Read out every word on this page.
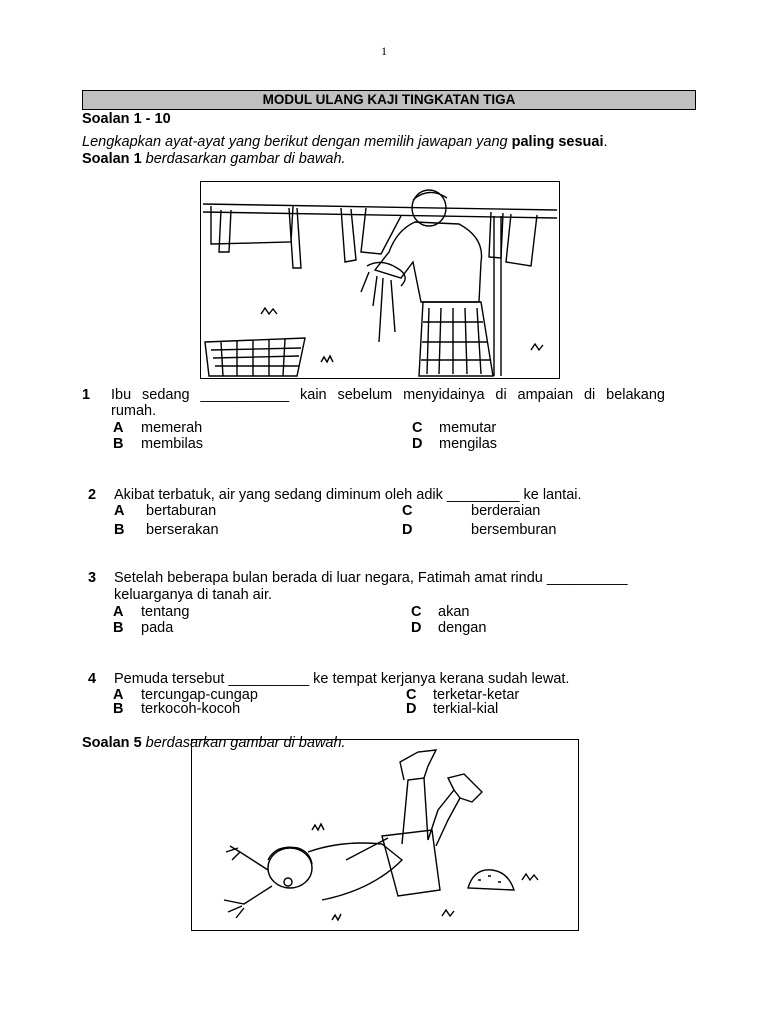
1
MODUL ULANG KAJI TINGKATAN TIGA
Soalan 1 - 10
Lengkapkan ayat-ayat yang berikut dengan memilih jawapan yang paling sesuai.
Soalan 1 berdasarkan gambar di bawah.
1 Ibu sedang ___________ kain sebelum menyidainya di ampaian di belakang
rumah.
A memerah
B membilas
C memutar
D mengilas
2 Akibat terbatuk, air yang sedang diminum oleh adik _________ ke lantai.
A bertaburan
B berserakan
C	berderaian
D	bersemburan
3 Setelah beberapa bulan berada di luar negara, Fatimah amat rindu __________
keluarganya di tanah air.
A tentang
B pada
C akan
D dengan
4 Pemuda tersebut __________ ke tempat kerjanya kerana sudah lewat.
A tercungap-cungap
B terkocoh-kocoh
C terketar-ketar
D terkial-kial
Soalan 5 berdasarkan gambar di bawah.
